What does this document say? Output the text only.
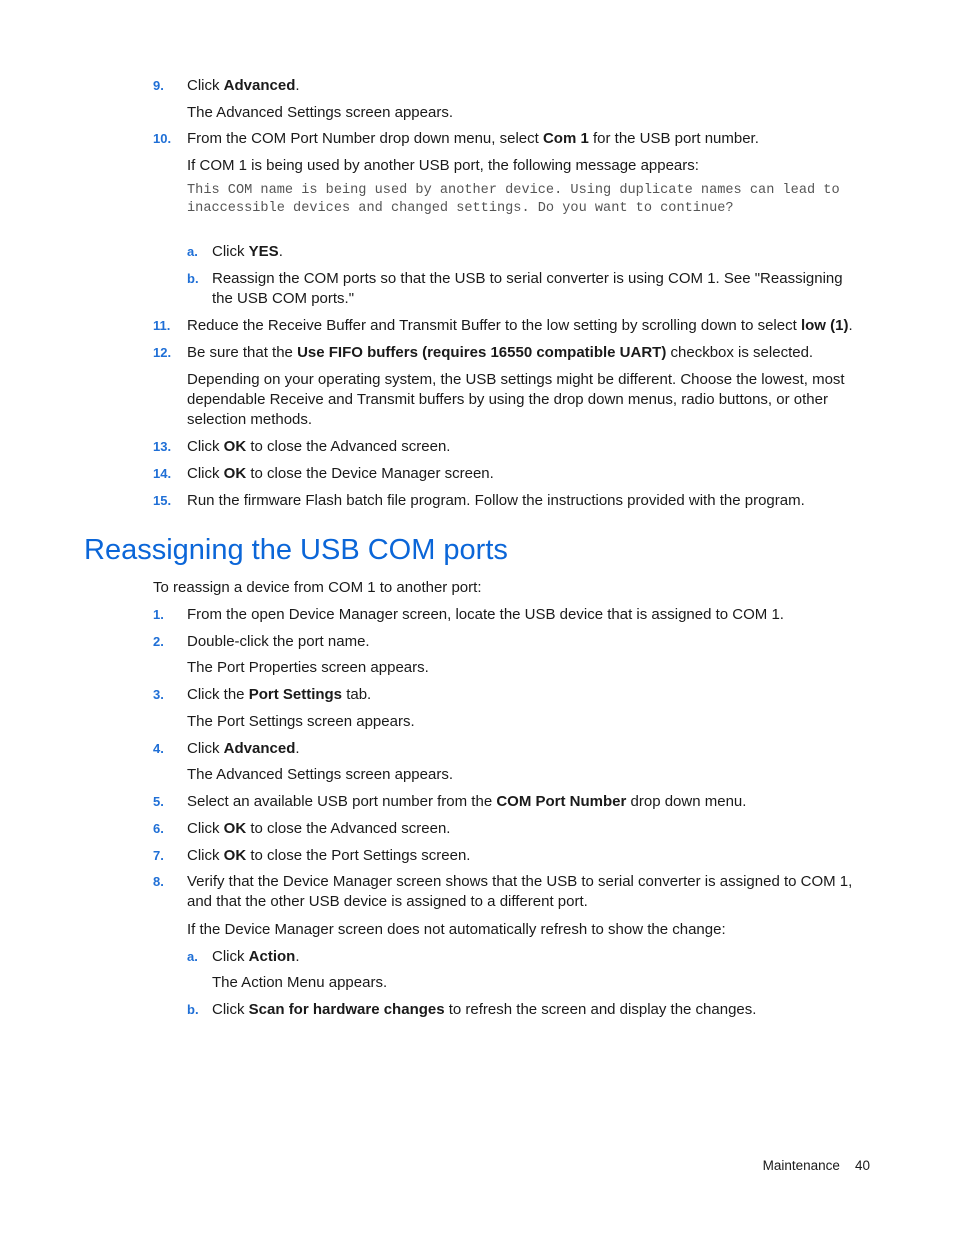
9. Click Advanced.
The Advanced Settings screen appears.
10. From the COM Port Number drop down menu, select Com 1 for the USB port number.
If COM 1 is being used by another USB port, the following message appears:
This COM name is being used by another device. Using duplicate names can lead to inaccessible devices and changed settings. Do you want to continue?
a. Click YES.
b. Reassign the COM ports so that the USB to serial converter is using COM 1. See "Reassigning the USB COM ports."
11. Reduce the Receive Buffer and Transmit Buffer to the low setting by scrolling down to select low (1).
12. Be sure that the Use FIFO buffers (requires 16550 compatible UART) checkbox is selected.
Depending on your operating system, the USB settings might be different. Choose the lowest, most dependable Receive and Transmit buffers by using the drop down menus, radio buttons, or other selection methods.
13. Click OK to close the Advanced screen.
14. Click OK to close the Device Manager screen.
15. Run the firmware Flash batch file program. Follow the instructions provided with the program.
Reassigning the USB COM ports
To reassign a device from COM 1 to another port:
1. From the open Device Manager screen, locate the USB device that is assigned to COM 1.
2. Double-click the port name.
The Port Properties screen appears.
3. Click the Port Settings tab.
The Port Settings screen appears.
4. Click Advanced.
The Advanced Settings screen appears.
5. Select an available USB port number from the COM Port Number drop down menu.
6. Click OK to close the Advanced screen.
7. Click OK to close the Port Settings screen.
8. Verify that the Device Manager screen shows that the USB to serial converter is assigned to COM 1, and that the other USB device is assigned to a different port.
If the Device Manager screen does not automatically refresh to show the change:
a. Click Action.
The Action Menu appears.
b. Click Scan for hardware changes to refresh the screen and display the changes.
Maintenance 40
